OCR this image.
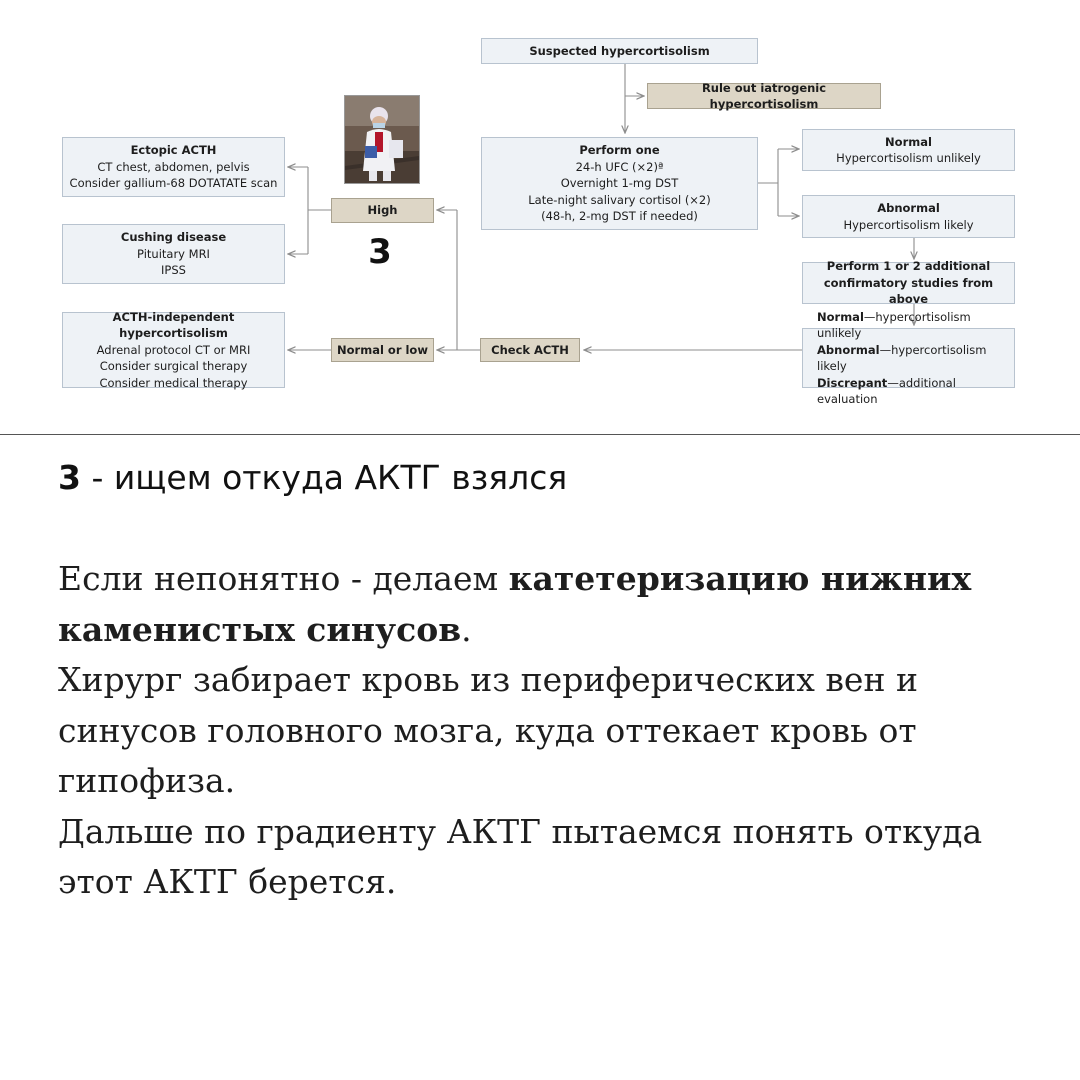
Suspected hypercortisolism
Rule out iatrogenic hypercortisolism
Perform one
24-h UFC (×2)ª
Overnight 1-mg DST
Late-night salivary cortisol (×2)
(48-h, 2-mg DST if needed)
Normal
Hypercortisolism unlikely
Abnormal
Hypercortisolism likely
Perform 1 or 2 additional confirmatory studies from above
Normal—hypercortisolism unlikely
Abnormal—hypercortisolism likely
Discrepant—additional evaluation
Check ACTH
High
Normal or low
Ectopic ACTH
CT chest, abdomen, pelvis
Consider gallium-68 DOTATATE scan
Cushing disease
Pituitary MRI
IPSS
ACTH-independent hypercortisolism
Adrenal protocol CT or MRI
Consider surgical therapy
Consider medical therapy
3
3 - ищем откуда АКТГ взялся

Если непонятно - делаем катетеризацию нижних каменистых синусов.

Хирург забирает кровь из периферических вен и синусов головного мозга, куда оттекает кровь от гипофиза.

Дальше по градиенту АКТГ пытаемся понять откуда этот АКТГ берется.
